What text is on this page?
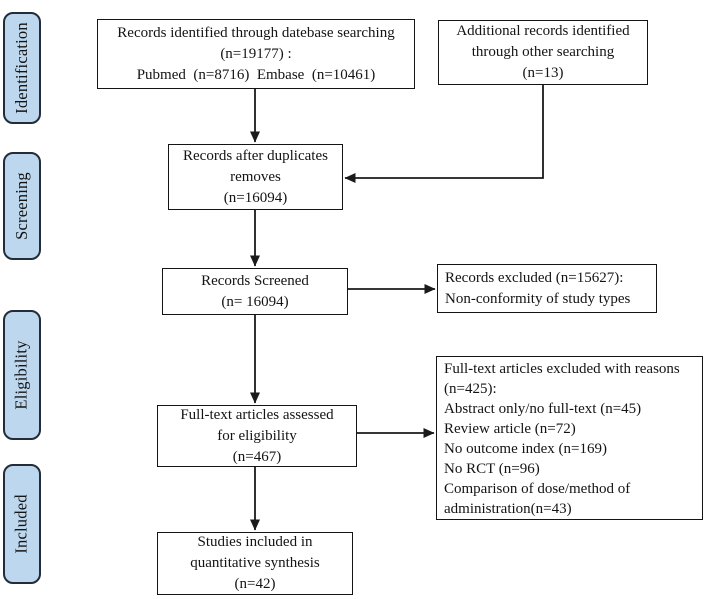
Identification
Screening
Eligibility
Included
Records identified through datebase searching
(n=19177) :
Pubmed  (n=8716)  Embase  (n=10461)
Additional records identified
through other searching
(n=13)
Records after duplicates
removes
(n=16094)
Records Screened
(n= 16094)
Records excluded (n=15627):
Non-conformity of study types
Full-text articles assessed
for eligibility
(n=467)
Full-text articles excluded with reasons
(n=425):
Abstract only/no full-text (n=45)
Review article (n=72)
No outcome index (n=169)
No RCT (n=96)
Comparison of dose/method of
administration(n=43)
Studies included in
quantitative synthesis
(n=42)
